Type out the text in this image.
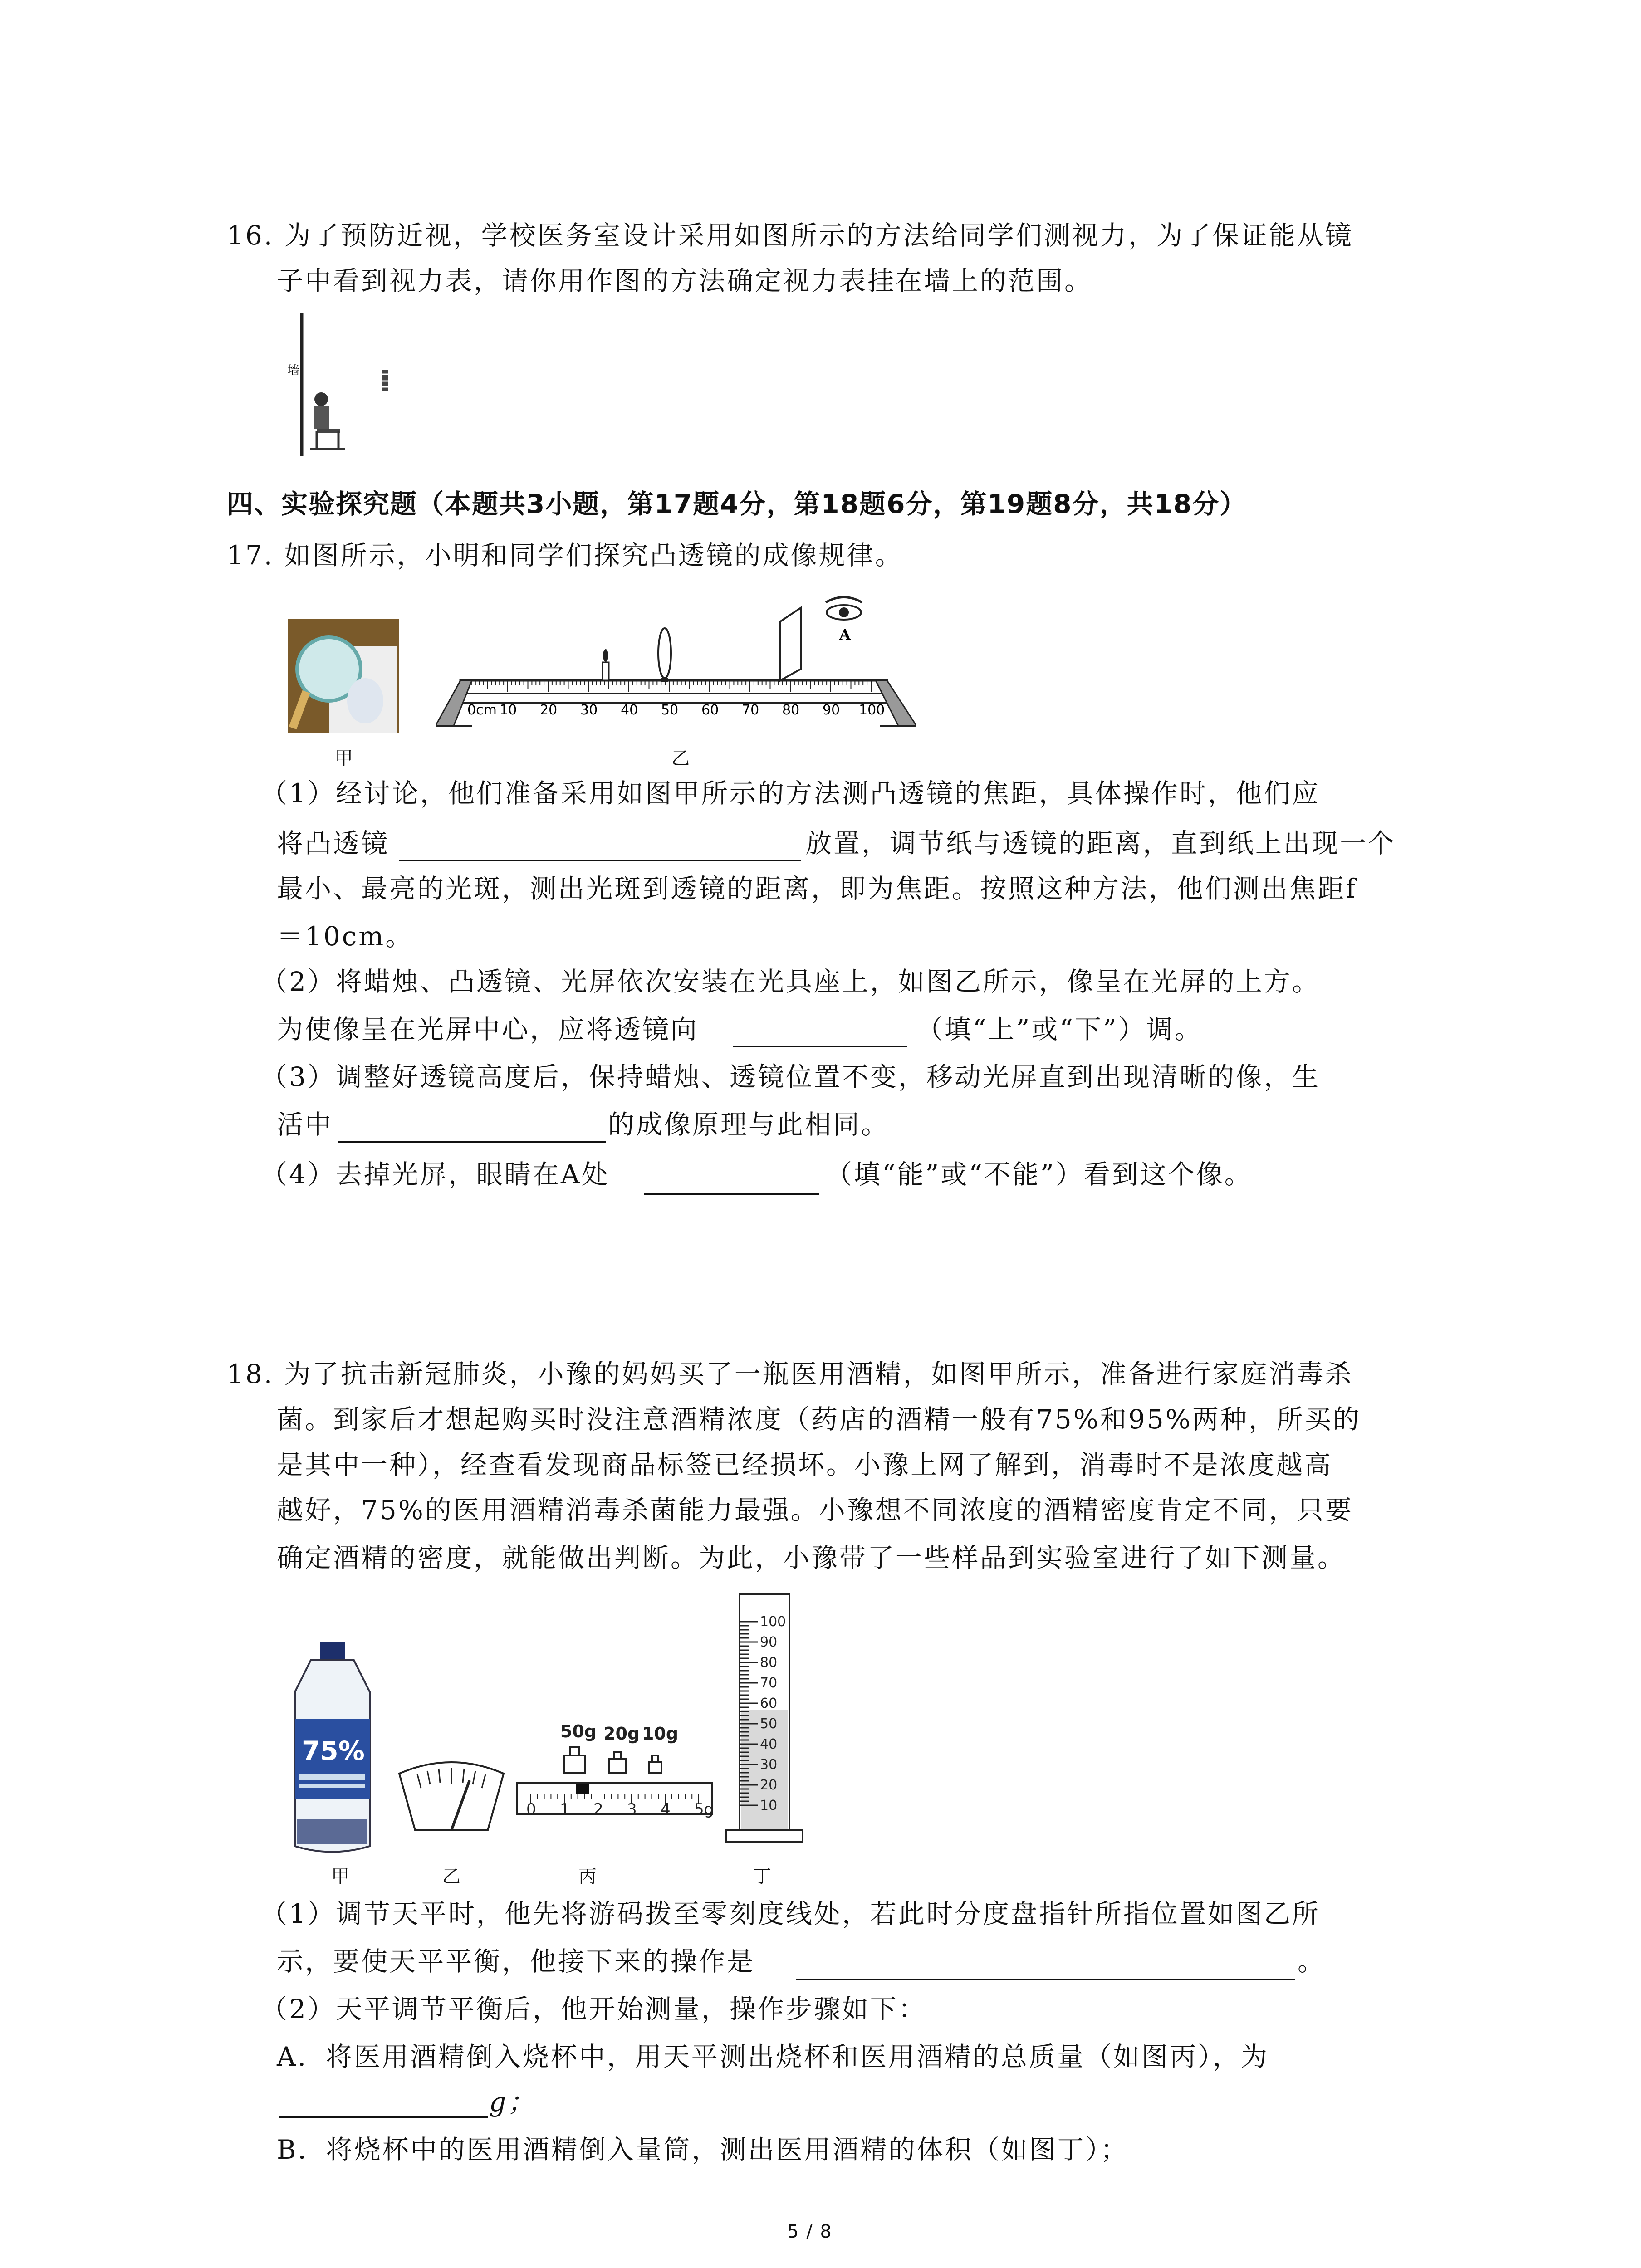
16. 为了预防近视，学校医务室设计采用如图所示的方法给同学们测视力，为了保证能从镜
子中看到视力表，请你用作图的方法确定视力表挂在墙上的范围。
墙
四、实验探究题（本题共3小题，第17题4分，第18题6分，第19题8分，共18分）
17. 如图所示，小明和同学们探究凸透镜的成像规律。
甲
0cm 10 20 30 40 50 60 70 80 90 100
A
乙
（1）经讨论，他们准备采用如图甲所示的方法测凸透镜的焦距，具体操作时，他们应
将凸透镜	放置，调节纸与透镜的距离，直到纸上出现一个
最小、最亮的光斑，测出光斑到透镜的距离，即为焦距。按照这种方法，他们测出焦距f
＝10cm。
（2）将蜡烛、凸透镜、光屏依次安装在光具座上，如图乙所示，像呈在光屏的上方。
为使像呈在光屏中心，应将透镜向	（填“上”或“下”）调。
（3）调整好透镜高度后，保持蜡烛、透镜位置不变，移动光屏直到出现清晰的像，生
活中	的成像原理与此相同。
（4）去掉光屏，眼睛在A处	（填“能”或“不能”）看到这个像。
18. 为了抗击新冠肺炎，小豫的妈妈买了一瓶医用酒精，如图甲所示，准备进行家庭消毒杀
菌。到家后才想起购买时没注意酒精浓度（药店的酒精一般有75%和95%两种，所买的
是其中一种），经查看发现商品标签已经损坏。小豫上网了解到，消毒时不是浓度越高
越好，75%的医用酒精消毒杀菌能力最强。小豫想不同浓度的酒精密度肯定不同，只要
确定酒精的密度，就能做出判断。为此，小豫带了一些样品到实验室进行了如下测量。
75%
甲	乙
50g 20g 10g
0 1 2 3 4 5g
丙
100
90
80
70
60
50
40
30
20
10
丁
（1）调节天平时，他先将游码拨至零刻度线处，若此时分度盘指针所指位置如图乙所
示，要使天平平衡，他接下来的操作是	。
（2）天平调节平衡后，他开始测量，操作步骤如下：
A．将医用酒精倒入烧杯中，用天平测出烧杯和医用酒精的总质量（如图丙），为
g；
B．将烧杯中的医用酒精倒入量筒，测出医用酒精的体积（如图丁）；
5 / 8
